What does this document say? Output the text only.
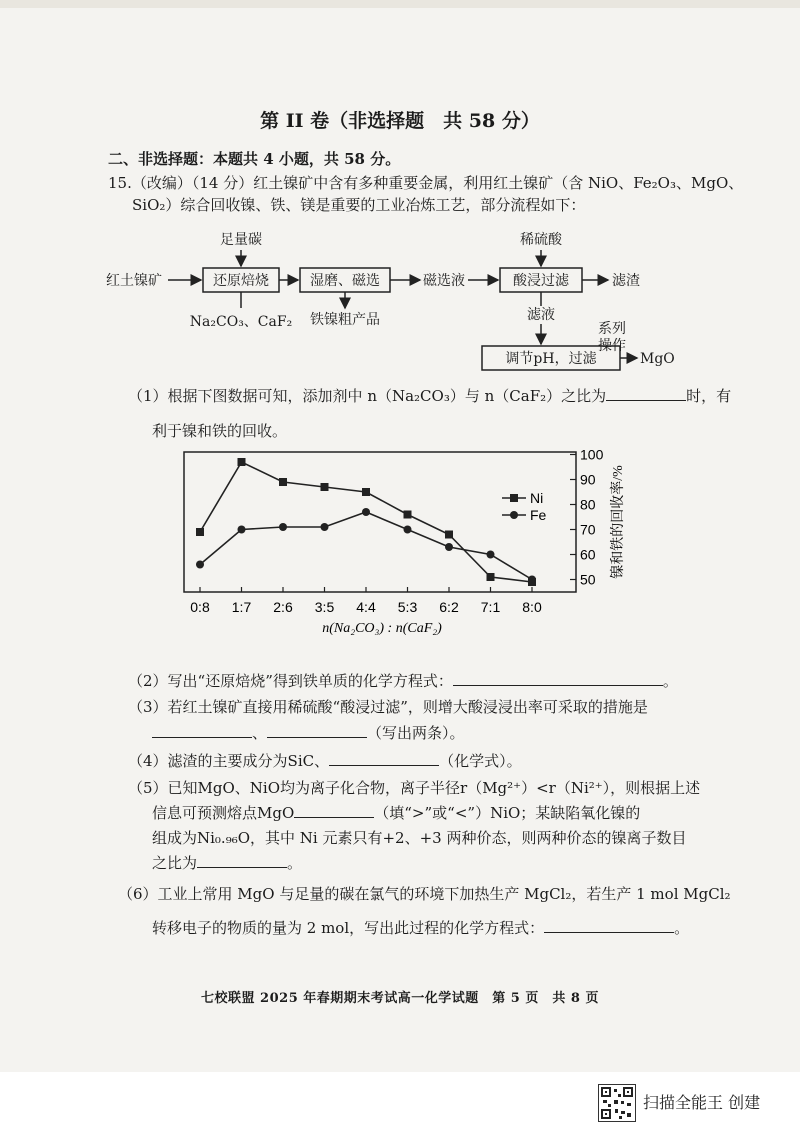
第 II 卷（非选择题　共 58 分）
二、非选择题：本题共 4 小题，共 58 分。
15.（改编）（14 分）红土镍矿中含有多种重要金属，利用红土镍矿（含 NiO、Fe₂O₃、MgO、
SiO₂）综合回收镍、铁、镁是重要的工业冶炼工艺，部分流程如下：
足量碳
红土镍矿	还原焙烧
Na₂CO₃、CaF₂
湿磨、磁选
铁镍粗产品
磁选液
稀硫酸
酸浸过滤	滤渣
滤液
调节pH，过滤
系列
操作
MgO
（1）根据下图数据可知，添加剂中 n（Na₂CO₃）与 n（CaF₂）之比为	时，有
利于镍和铁的回收。
50
60
70
80
90
100
0:8 1:7 2:6 3:5 4:4 5:3 6:2 7:1 8:0
Ni
Fe
n(Na₂CO₃) : n(CaF₂)
镍和铁的回收率/%
（2）写出“还原焙烧”得到铁单质的化学方程式：	。
（3）若红土镍矿直接用稀硫酸“酸浸过滤”，则增大酸浸浸出率可采取的措施是
、	（写出两条）。
（4）滤渣的主要成分为SiC、	（化学式）。
（5）已知MgO、NiO均为离子化合物，离子半径r（Mg²⁺）<r（Ni²⁺），则根据上述
信息可预测熔点MgO	（填“>”或“<”）NiO；某缺陷氧化镍的
组成为Ni₀.₉₆O，其中 Ni 元素只有+2、+3 两种价态，则两种价态的镍离子数目
之比为	。
（6）工业上常用 MgO 与足量的碳在氯气的环境下加热生产 MgCl₂，若生产 1 mol MgCl₂
转移电子的物质的量为 2 mol，写出此过程的化学方程式：	。
七校联盟 2025 年春期期末考试高一化学试题　第 5 页　共 8 页
扫描全能王 创建
